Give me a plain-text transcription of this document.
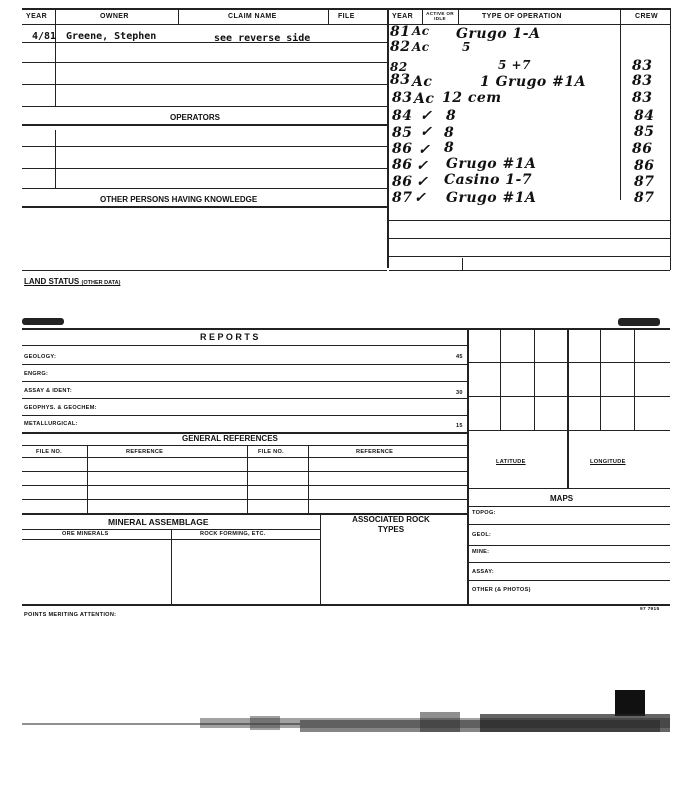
YEAR	OWNER	CLAIM NAME	FILE	YEAR	ACTIVE OR IDLE	TYPE OF OPERATION	CREW
4/81 Greene, Stephen	see reverse side
OPERATORS
OTHER PERSONS HAVING KNOWLEDGE
81 Ac Grugo 1-A
82 Ac	5
82	5 +7	83
83 Ac	1 Grugo #1A	83
83 Ac 12 cem	83
84 ✓ 8	84
85 ✓ 8	85
86 ✓ 8	86
86 ✓ Grugo #1A	86
86 ✓ Casino 1-7	87
87 ✓ Grugo #1A	87
LAND STATUS (OTHER DATA)
R E P O R T S
GEOLOGY:	45
ENGRG:
ASSAY & IDENT:	30
GEOPHYS. & GEOCHEM:
METALLURGICAL:	15
GENERAL REFERENCES
FILE NO.	REFERENCE	FILE NO.	REFERENCE
MINERAL ASSEMBLAGE	ASSOCIATED ROCK TYPES
ORE MINERALS	ROCK FORMING, ETC.
LATITUDE	LONGITUDE
MAPS
TOPOG:
GEOL:
MINE:
ASSAY:
OTHER (& PHOTOS)
POINTS MERITING ATTENTION:
97 7915
